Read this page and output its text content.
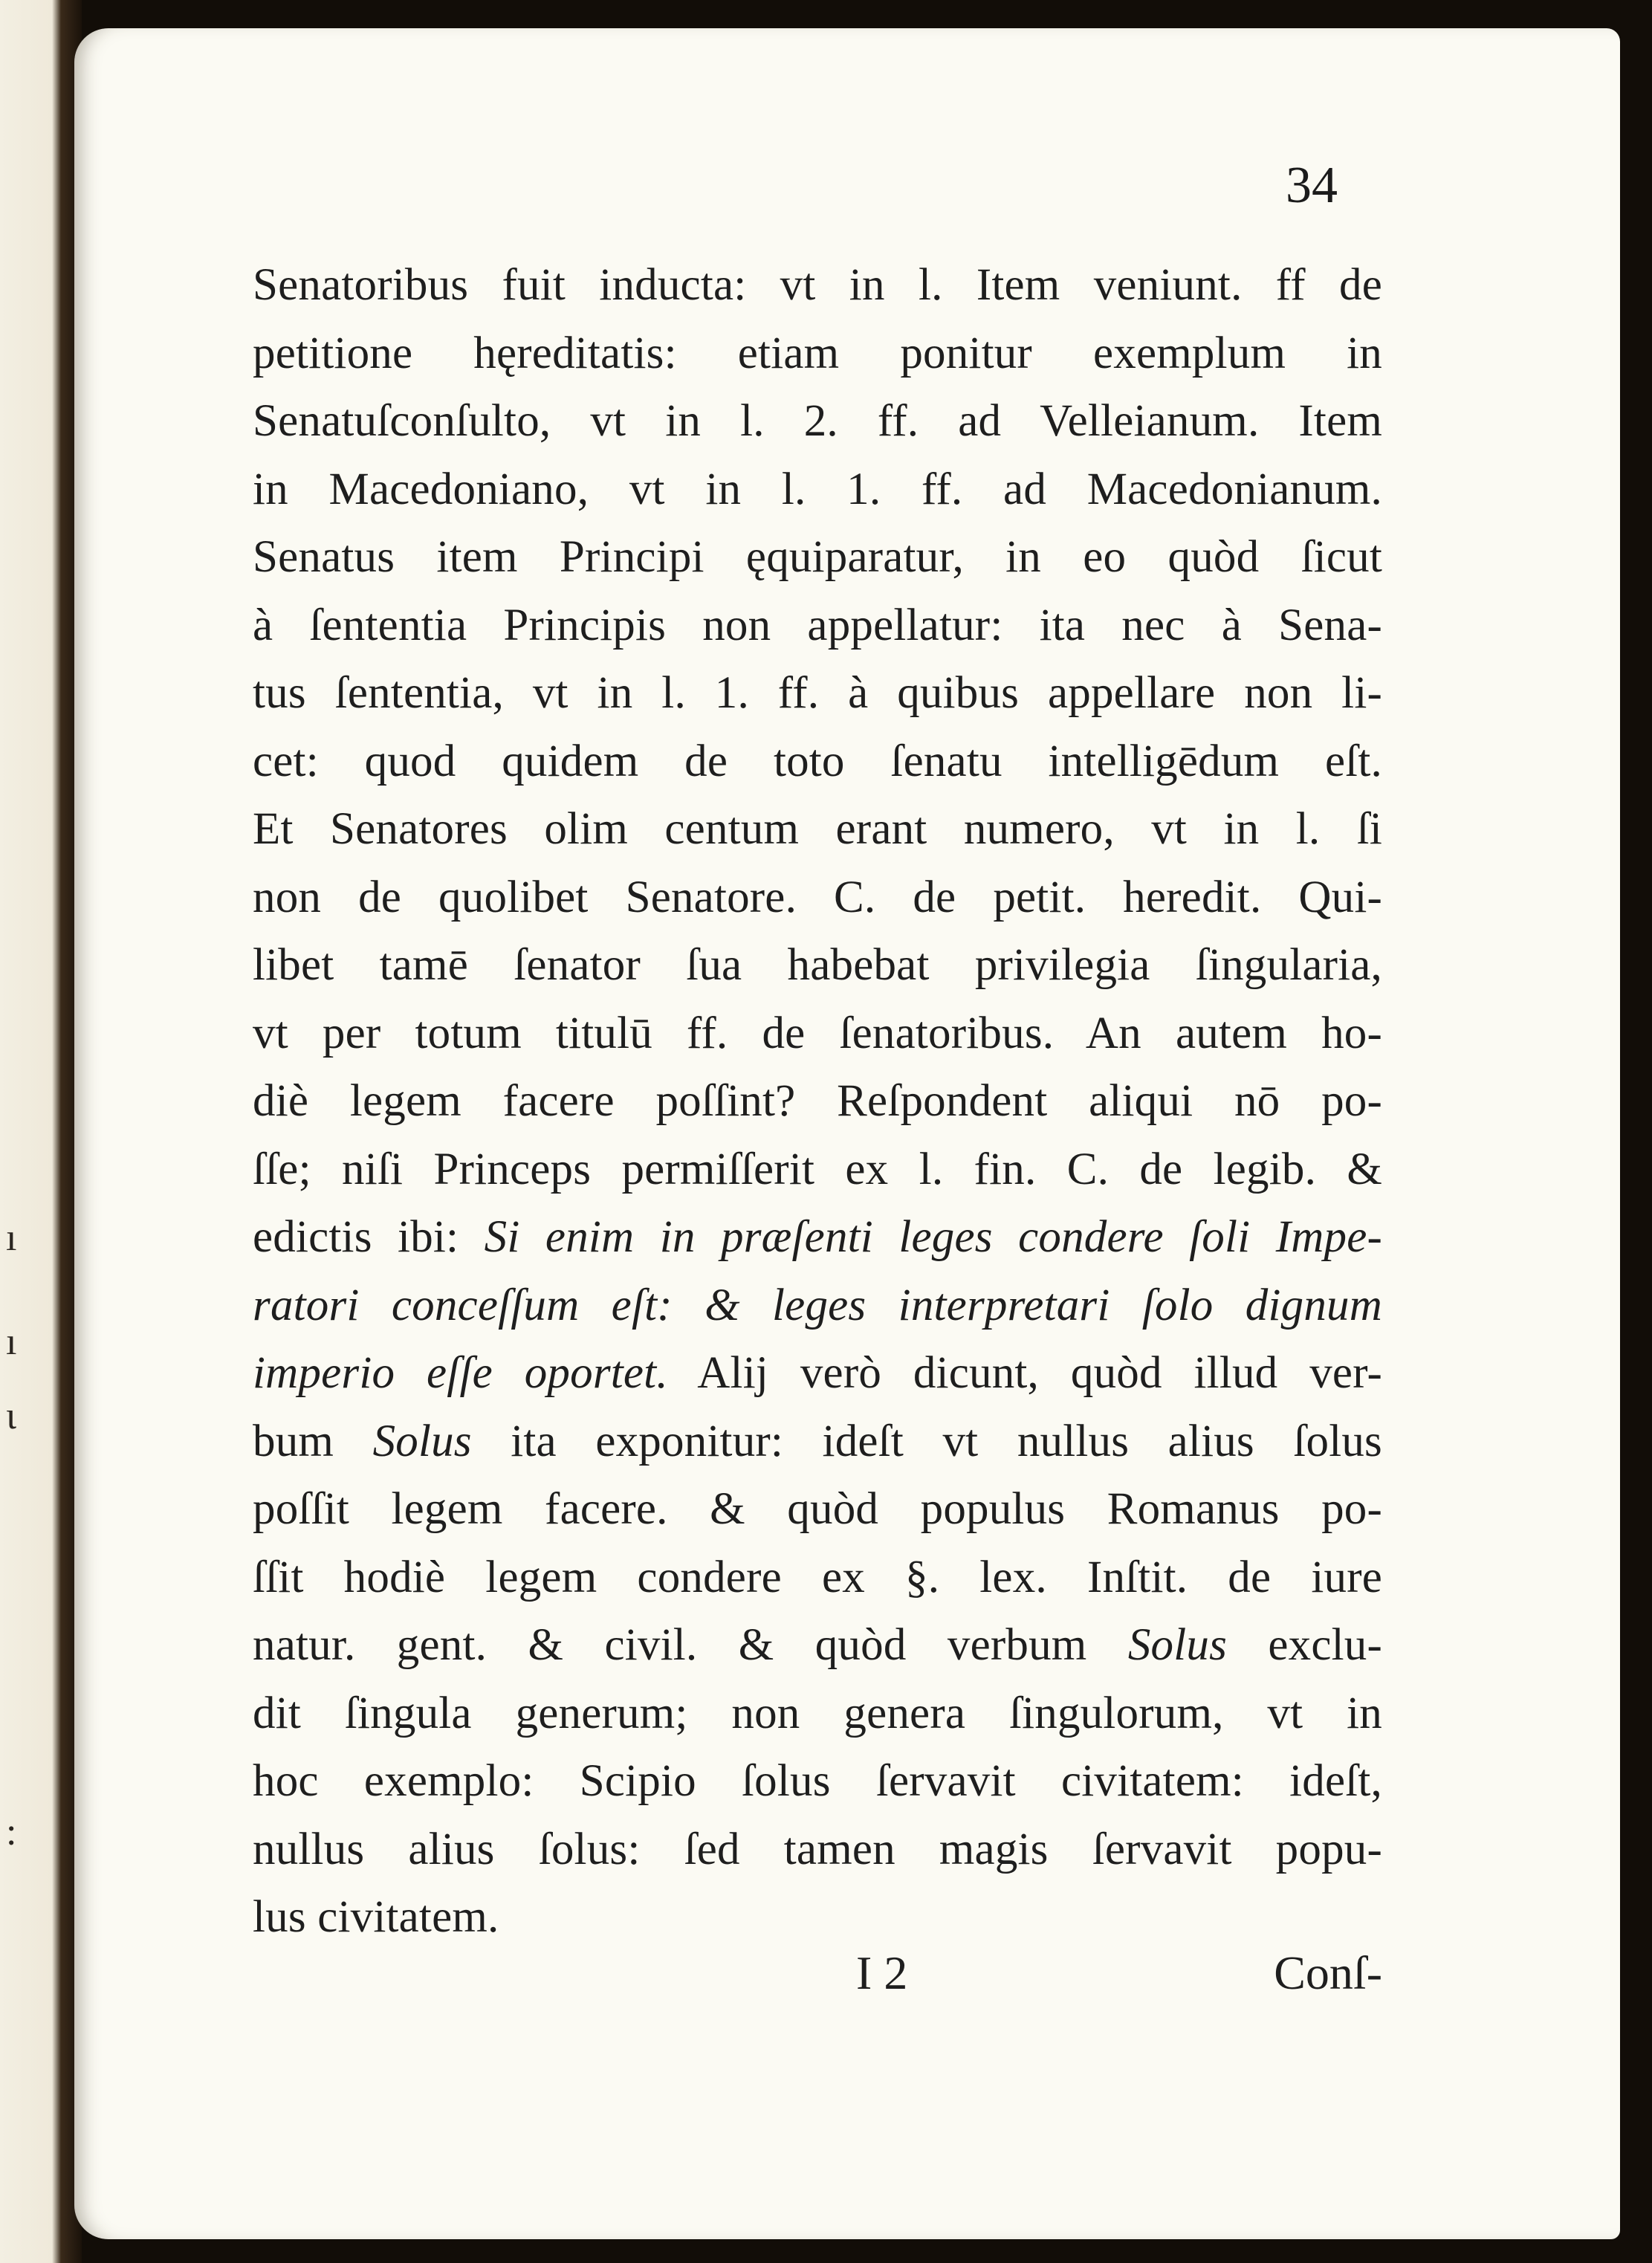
ı
ı
ɩ
:
34
Senatoribus fuit inducta: vt in l. Item veniunt. ff de
petitione hęreditatis: etiam ponitur exemplum in
Senatuſconſulto, vt in l. 2. ff. ad Velleianum. Item
in Macedoniano, vt in l. 1. ff. ad Macedonianum.
Senatus item Principi ęquiparatur, in eo quòd ſicut
à ſententia Principis non appellatur: ita nec à Sena-
tus ſententia, vt in l. 1. ff. à quibus appellare non li-
cet: quod quidem de toto ſenatu intelligēdum eſt.
Et Senatores olim centum erant numero, vt in l. ſi
non de quolibet Senatore. C. de petit. heredit. Qui-
libet tamē ſenator ſua habebat privilegia ſingularia,
vt per totum titulū ff. de ſenatoribus. An autem ho-
diè legem facere poſſint? Reſpondent aliqui nō po-
ſſe; niſi Princeps permiſſerit ex l. fin. C. de legib. &
edictis ibi: Si enim in præſenti leges condere ſoli Impe-
ratori conceſſum eſt: & leges interpretari ſolo dignum
imperio eſſe oportet. Alij verò dicunt, quòd illud ver-
bum Solus ita exponitur: ideſt vt nullus alius ſolus
poſſit legem facere. & quòd populus Romanus po-
ſſit hodiè legem condere ex §. lex. Inſtit. de iure
natur. gent. & civil. & quòd verbum Solus exclu-
dit ſingula generum; non genera ſingulorum, vt in
hoc exemplo: Scipio ſolus ſervavit civitatem: ideſt,
nullus alius ſolus: ſed tamen magis ſervavit popu-
lus civitatem.
I 2	Conſ-
